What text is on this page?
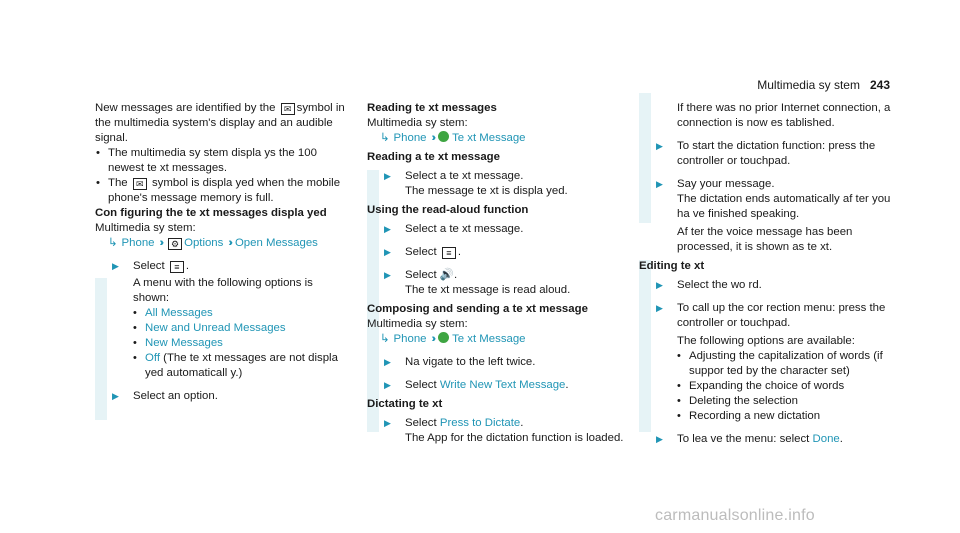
Multimedia sy stem 243

New messages are identified by the ✉ symbol in the multimedia system's display and an audible signal.

• The multimedia sy stem displa ys the 100 newest te xt messages.

• The ✉ symbol is displa yed when the mobile phone's message memory is full.

Con figuring the te xt messages displa yed

Multimedia sy stem:

↳ Phone ›› ⚙ Options ›› Open Messages

▶ Select ≡ .

A menu with the following options is shown:

• All Messages

• New and Unread Messages

• New Messages

• Off (The te xt messages are not displa yed automaticall y.)

▶ Select an option.

Reading te xt messages

Multimedia sy stem:

↳ Phone ›› Te xt Message

Reading a te xt message

▶ Select a te xt message.

The message te xt is displa yed.

Using the read-aloud function

▶ Select a te xt message.

▶ Select ≡ .

▶ Select 🔊.

The te xt message is read aloud.

Composing and sending a te xt message

Multimedia sy stem:

↳ Phone ›› Te xt Message

▶ Na vigate to the left twice.

▶ Select Write New Text Message.

Dictating te xt

▶ Select Press to Dictate.

The App for the dictation function is loaded.

If there was no prior Internet connection, a connection is now es tablished.

▶ To start the dictation function: press the controller or touchpad.

▶ Say your message.

The dictation ends automatically af ter you ha ve finished speaking.

Af ter the voice message has been processed, it is shown as te xt.

Editing te xt

▶ Select the wo rd.

▶ To call up the cor rection menu: press the controller or touchpad.

The following options are available:

• Adjusting the capitalization of words (if suppor ted by the character set)

• Expanding the choice of words

• Deleting the selection

• Recording a new dictation

▶ To lea ve the menu: select Done.

carmanualsonline.info
